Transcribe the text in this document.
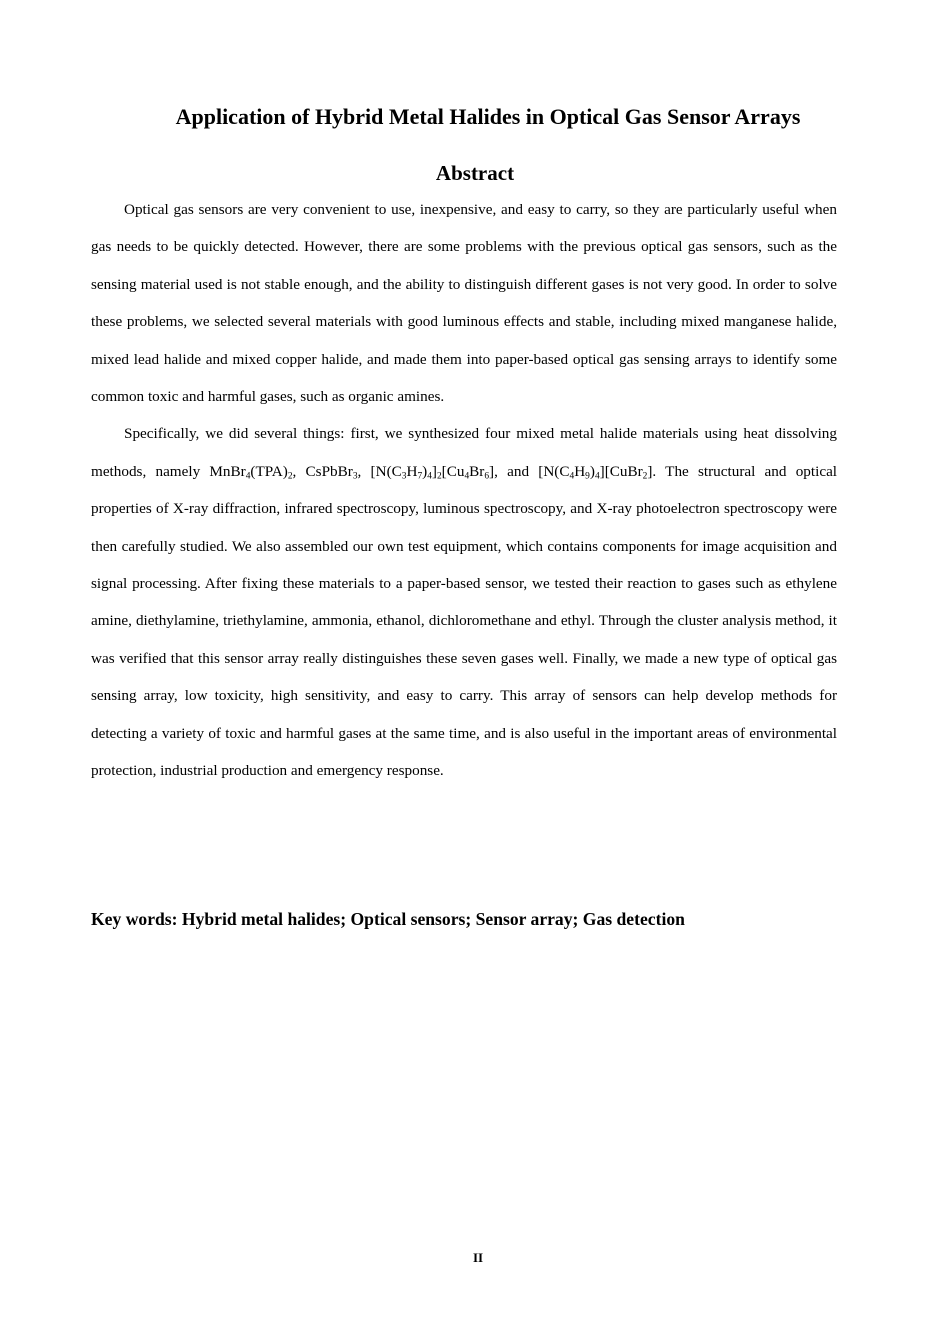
Application of Hybrid Metal Halides in Optical Gas Sensor Arrays
Abstract

Optical gas sensors are very convenient to use, inexpensive, and easy to carry, so they are particularly useful when gas needs to be quickly detected. However, there are some problems with the previous optical gas sensors, such as the sensing material used is not stable enough, and the ability to distinguish different gases is not very good. In order to solve these problems, we selected several materials with good luminous effects and stable, including mixed manganese halide, mixed lead halide and mixed copper halide, and made them into paper-based optical gas sensing arrays to identify some common toxic and harmful gases, such as organic amines.

Specifically, we did several things: first, we synthesized four mixed metal halide materials using heat dissolving methods, namely $MnBr_4(TPA)_2$, CsPbBr$_3$, $[N(C_3H_7)_4]_2[Cu_4Br_6]$, and $[N(C_4H_9)_4][CuBr_2]$. The structural and optical properties of X-ray diffraction, infrared spectroscopy, luminous spectroscopy, and X-ray photoelectron spectroscopy were then carefully studied. We also assembled our own test equipment, which contains components for image acquisition and signal processing. After fixing these materials to a paper-based sensor, we tested their reaction to gases such as ethylene amine, diethylamine, triethylamine, ammonia, ethanol, dichloromethane and ethyl. Through the cluster analysis method, it was verified that this sensor array really distinguishes these seven gases well. Finally, we made a new type of optical gas sensing array, low toxicity, high sensitivity, and easy to carry. This array of sensors can help develop methods for detecting a variety of toxic and harmful gases at the same time, and is also useful in the important areas of environmental protection, industrial production and emergency response.

Key words: Hybrid metal halides; Optical sensors; Sensor array; Gas detection

II
